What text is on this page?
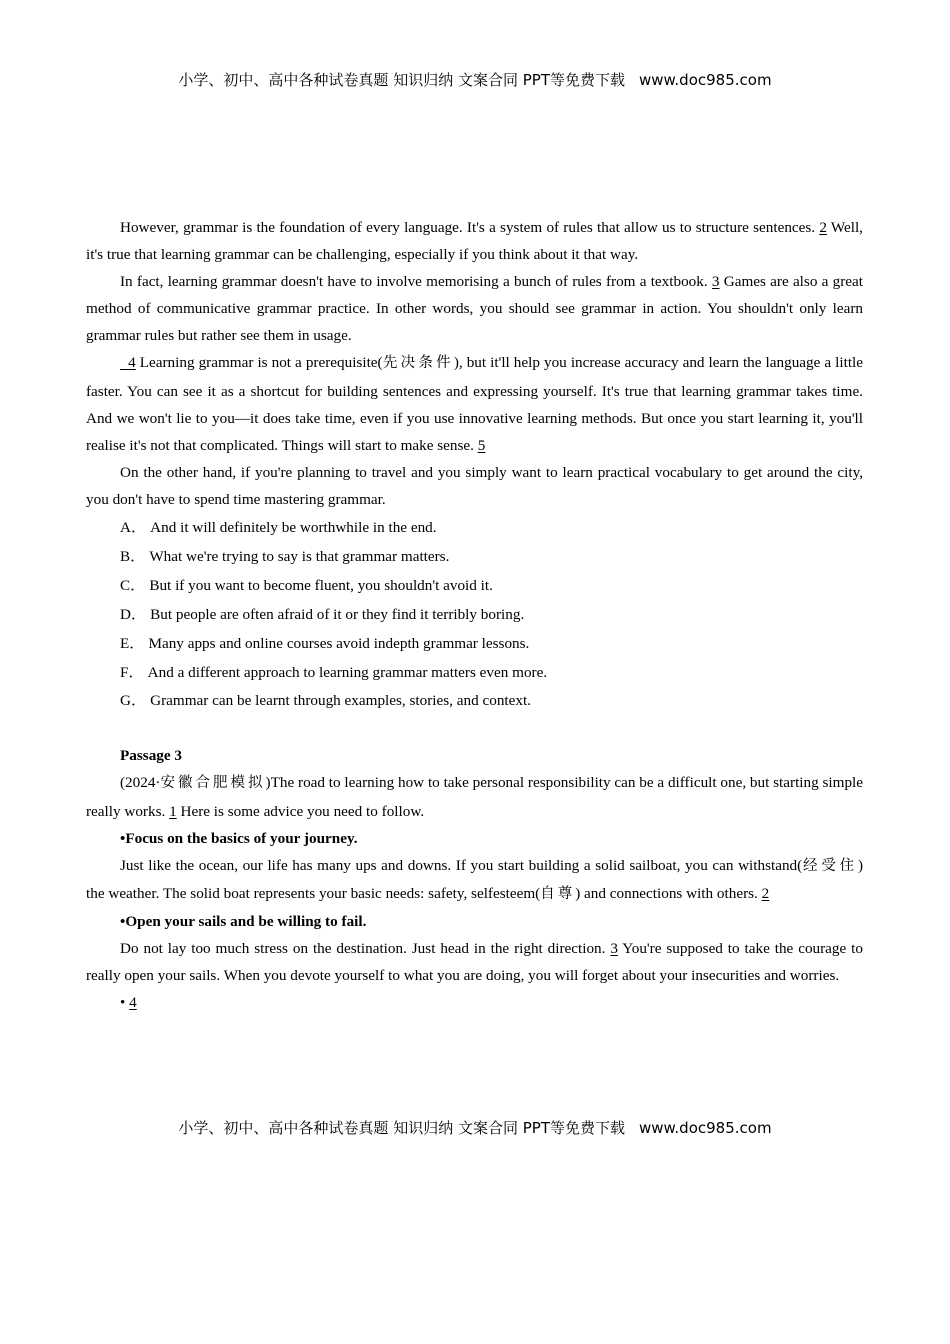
小学、初中、高中各种试卷真题 知识归纳 文案合同 PPT等免费下载 www.doc985.com

However, grammar is the foundation of every language. It's a system of rules that allow us to structure sentences. 2 Well, it's true that learning grammar can be challenging, especially if you think about it that way.

In fact, learning grammar doesn't have to involve memorising a bunch of rules from a textbook. 3 Games are also a great method of communicative grammar practice. In other words, you should see grammar in action. You shouldn't only learn grammar rules but rather see them in usage.

4 Learning grammar is not a prerequisite(先决条件), but it'll help you increase accuracy and learn the language a little faster. You can see it as a shortcut for building sentences and expressing yourself. It's true that learning grammar takes time. And we won't lie to you—it does take time, even if you use innovative learning methods. But once you start learning it, you'll realise it's not that complicated. Things will start to make sense. 5

On the other hand, if you're planning to travel and you simply want to learn practical vocabulary to get around the city, you don't have to spend time mastering grammar.

A． And it will definitely be worthwhile in the end.

B． What we're trying to say is that grammar matters.

C． But if you want to become fluent, you shouldn't avoid it.

D． But people are often afraid of it or they find it terribly boring.

E． Many apps and online courses avoid indepth grammar lessons.

F． And a different approach to learning grammar matters even more.

G． Grammar can be learnt through examples, stories, and context.

Passage 3

(2024·安徽合肥模拟)The road to learning how to take personal responsibility can be a difficult one, but starting simple really works. 1 Here is some advice you need to follow.

•Focus on the basics of your journey.

Just like the ocean, our life has many ups and downs. If you start building a solid sailboat, you can withstand(经受住) the weather. The solid boat represents your basic needs: safety, selfesteem(自尊) and connections with others. 2

•Open your sails and be willing to fail.

Do not lay too much stress on the destination. Just head in the right direction. 3 You're supposed to take the courage to really open your sails. When you devote yourself to what you are doing, you will forget about your insecurities and worries.

• 4

小学、初中、高中各种试卷真题 知识归纳 文案合同 PPT等免费下载 www.doc985.com
